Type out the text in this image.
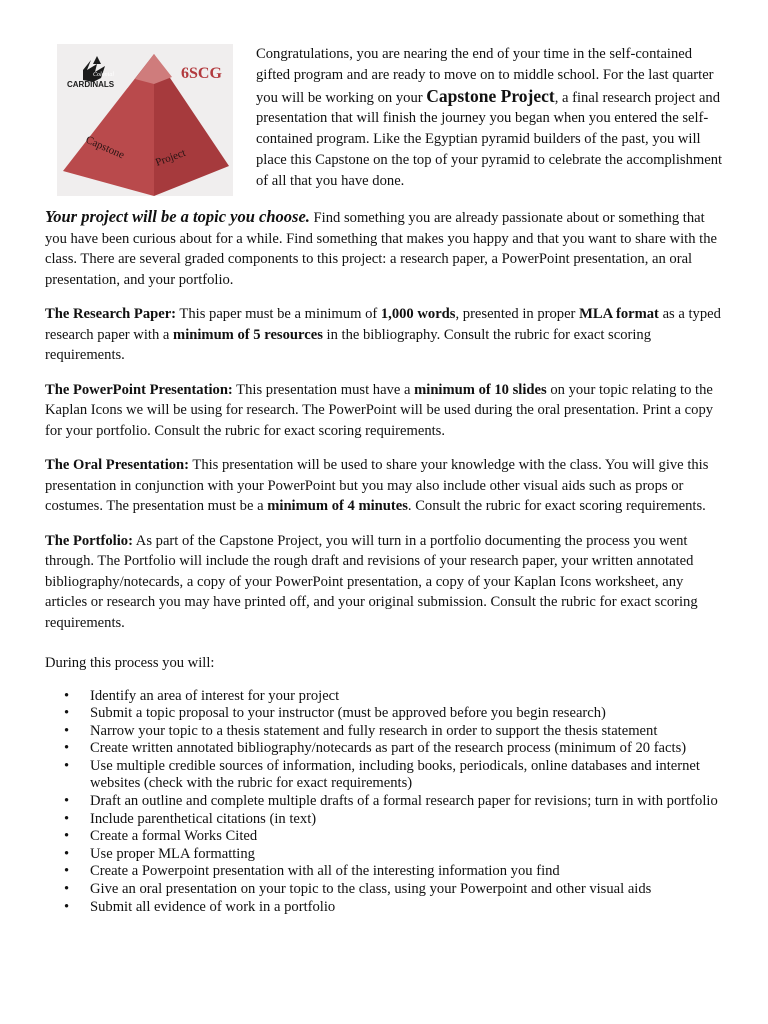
Colonial
CARDINALS
6SCG
Capstone	Project

Congratulations, you are nearing the end of your time in the self-contained gifted program and are ready to move on to middle school. For the last quarter you will be working on your Capstone Project, a final research project and presentation that will finish the journey you began when you entered the self-contained program. Like the Egyptian pyramid builders of the past, you will place this Capstone on the top of your pyramid to celebrate the accomplishment of all that you have done.

Your project will be a topic you choose. Find something you are already passionate about or something that you have been curious about for a while. Find something that makes you happy and that you want to share with the class. There are several graded components to this project: a research paper, a PowerPoint presentation, an oral presentation, and your portfolio.

The Research Paper: This paper must be a minimum of 1,000 words, presented in proper MLA format as a typed research paper with a minimum of 5 resources in the bibliography. Consult the rubric for exact scoring requirements.

The PowerPoint Presentation: This presentation must have a minimum of 10 slides on your topic relating to the Kaplan Icons we will be using for research. The PowerPoint will be used during the oral presentation. Print a copy for your portfolio. Consult the rubric for exact scoring requirements.

The Oral Presentation: This presentation will be used to share your knowledge with the class. You will give this presentation in conjunction with your PowerPoint but you may also include other visual aids such as props or costumes. The presentation must be a minimum of 4 minutes. Consult the rubric for exact scoring requirements.

The Portfolio: As part of the Capstone Project, you will turn in a portfolio documenting the process you went through. The Portfolio will include the rough draft and revisions of your research paper, your written annotated bibliography/notecards, a copy of your PowerPoint presentation, a copy of your Kaplan Icons worksheet, any articles or research you may have printed off, and your original submission. Consult the rubric for exact scoring requirements.

During this process you will:

• Identify an area of interest for your project
• Submit a topic proposal to your instructor (must be approved before you begin research)
• Narrow your topic to a thesis statement and fully research in order to support the thesis statement
• Create written annotated bibliography/notecards as part of the research process (minimum of 20 facts)
• Use multiple credible sources of information, including books, periodicals, online databases and internet websites (check with the rubric for exact requirements)
• Draft an outline and complete multiple drafts of a formal research paper for revisions; turn in with portfolio
• Include parenthetical citations (in text)
• Create a formal Works Cited
• Use proper MLA formatting
• Create a Powerpoint presentation with all of the interesting information you find
• Give an oral presentation on your topic to the class, using your Powerpoint and other visual aids
• Submit all evidence of work in a portfolio
